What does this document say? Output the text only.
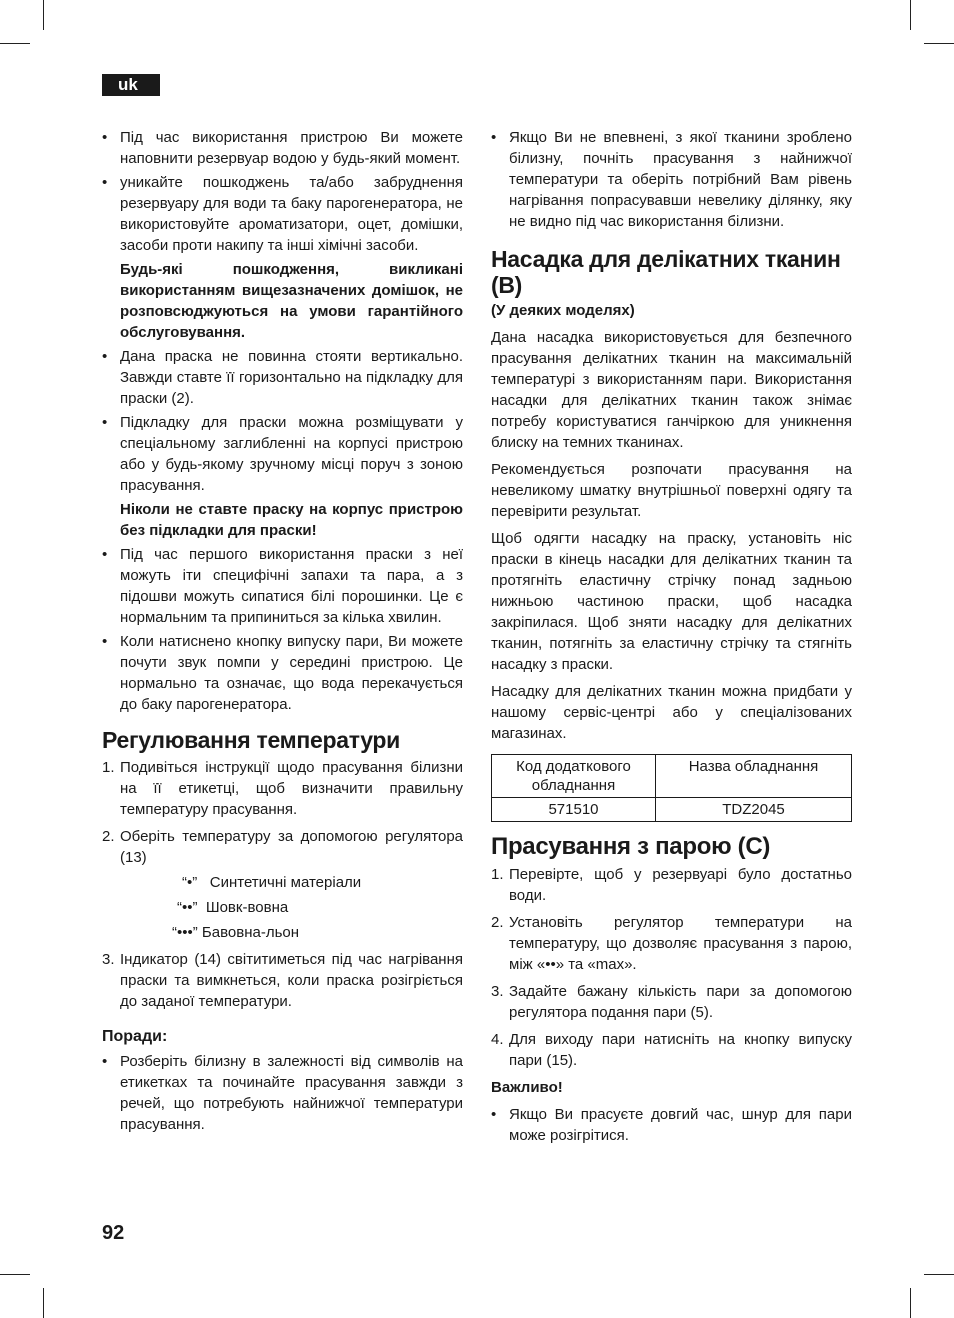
uk
• Під час використання пристрою Ви можете наповнити резервуар водою у будь-який момент.
• уникайте пошкоджень та/або забруднення резервуару для води та баку парогенератора, не використовуйте ароматизатори, оцет, домішки, засоби проти накипу та інші хімічні засоби.
Будь-які пошкодження, викликані використанням вищезазначених домішок, не розповсюджуються на умови гарантійного обслуговування.
• Дана праска не повинна стояти вертикально. Завжди ставте її горизонтально на підкладку для праски (2).
• Підкладку для праски можна розміщувати у спеціальному заглибленні на корпусі пристрою або у будь-якому зручному місці поруч з зоною прасування.
Ніколи не ставте праску на корпус пристрою без підкладки для праски!
• Під час першого використання праски з неї можуть іти специфічні запахи та пара, а з підошви можуть сипатися білі порошинки. Це є нормальним та припиниться за кілька хвилин.
• Коли натиснено кнопку випуску пари, Ви можете почути звук помпи у середині пристрою. Це нормально та означає, що вода перекачується до баку парогенератора.
Регулювання температури
1. Подивіться інструкції щодо прасування білизни на її етикетці, щоб визначити правильну температуру прасування.
2. Оберіть температуру за допомогою регулятора (13)
“•” Синтетичні матеріали
“••” Шовк-вовна
“•••” Бавовна-льон
3. Індикатор (14) світитиметься під час нагрівання праски та вимкнеться, коли праска розігріється до заданої температури.
Поради:
• Розберіть білизну в залежності від символів на етикетках та починайте прасування завжди з речей, що потребують найнижчої температури прасування.
• Якщо Ви не впевнені, з якої тканини зроблено білизну, почніть прасування з найнижчої температури та оберіть потрібний Вам рівень нагрівання попрасувавши невелику ділянку, яку не видно під час використання білизни.
Насадка для делікатних тканин (B)
(У деяких моделях)

Дана насадка використовується для безпечного прасування делікатних тканин на максимальній температурі з використанням пари. Використання насадки для делікатних тканин також знімає потребу користуватися ганчіркою для уникнення блиску на темних тканинах.

Рекомендується розпочати прасування на невеликому шматку внутрішньої поверхні одягу та перевірити результат.

Щоб одягти насадку на праску, установіть ніс праски в кінець насадки для делікатних тканин та протягніть еластичну стрічку понад задньою нижньою частиною праски, щоб насадка закріпилася. Щоб зняти насадку для делікатних тканин, потягніть за еластичну стрічку та стягніть насадку з праски.

Насадку для делікатних тканин можна придбати у нашому сервіс-центрі або у спеціалізованих магазинах.

Код додаткового обладнання	Назва обладнання
571510	TDZ2045
Прасування з парою (C)
1. Перевірте, щоб у резервуарі було достатньо води.
2. Установіть регулятор температури на температуру, що дозволяє прасування з парою, між «••» та «max».
3. Задайте бажану кількість пари за допомогою регулятора подання пари (5).
4. Для виходу пари натисніть на кнопку випуску пари (15).
Важливо!
• Якщо Ви прасуєте довгий час, шнур для пари може розігрітися.
92
